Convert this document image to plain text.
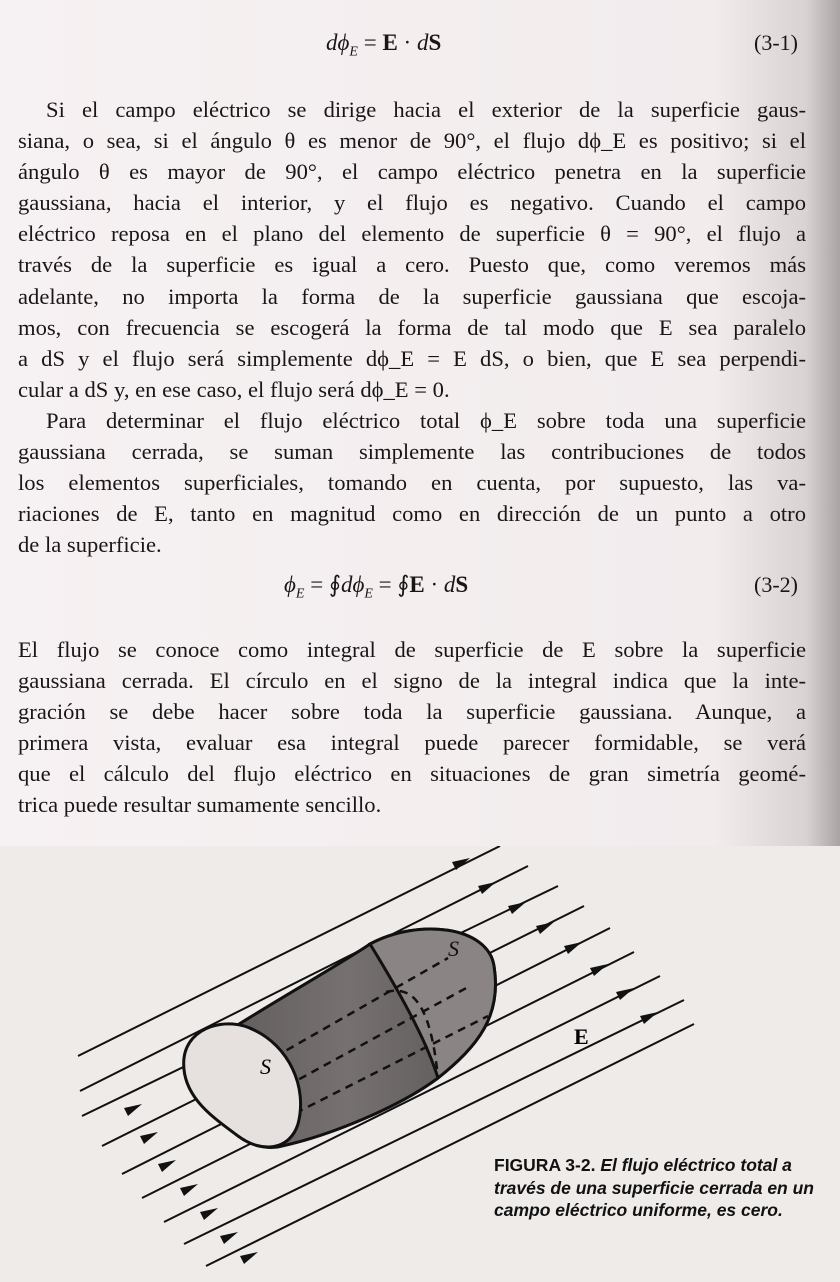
$d\phi_E = E$ · dS	(3-1)
Si el campo eléctrico se dirige hacia el exterior de la superficie gaus-
siana, o sea, si el ángulo θ es menor de 90°, el flujo dϕ_E es positivo; si el
ángulo θ es mayor de 90°, el campo eléctrico penetra en la superficie
gaussiana, hacia el interior, y el flujo es negativo. Cuando el campo
eléctrico reposa en el plano del elemento de superficie θ = 90°, el flujo a
través de la superficie es igual a cero. Puesto que, como veremos más
adelante, no importa la forma de la superficie gaussiana que escoja-
mos, con frecuencia se escogerá la forma de tal modo que E sea paralelo
a dS y el flujo será simplemente dϕ_E = E dS, o bien, que E sea perpendi-
cular a dS y, en ese caso, el flujo será dϕ_E = 0.
Para determinar el flujo eléctrico total ϕ_E sobre toda una superficie
gaussiana cerrada, se suman simplemente las contribuciones de todos
los elementos superficiales, tomando en cuenta, por supuesto, las va-
riaciones de E, tanto en magnitud como en dirección de un punto a otro
de la superficie.
$\phi_E$ = $∮d\phi_E$ = ∮E · dS	(3-2)
El flujo se conoce como integral de superficie de E sobre la superficie
gaussiana cerrada. El círculo en el signo de la integral indica que la inte-
gración se debe hacer sobre toda la superficie gaussiana. Aunque, a
primera vista, evaluar esa integral puede parecer formidable, se verá
que el cálculo del flujo eléctrico en situaciones de gran simetría geomé-
trica puede resultar sumamente sencillo.
S
S
E
FIGURA 3-2. El flujo eléctrico total a través de una superficie cerrada en un campo eléctrico uniforme, es cero.
